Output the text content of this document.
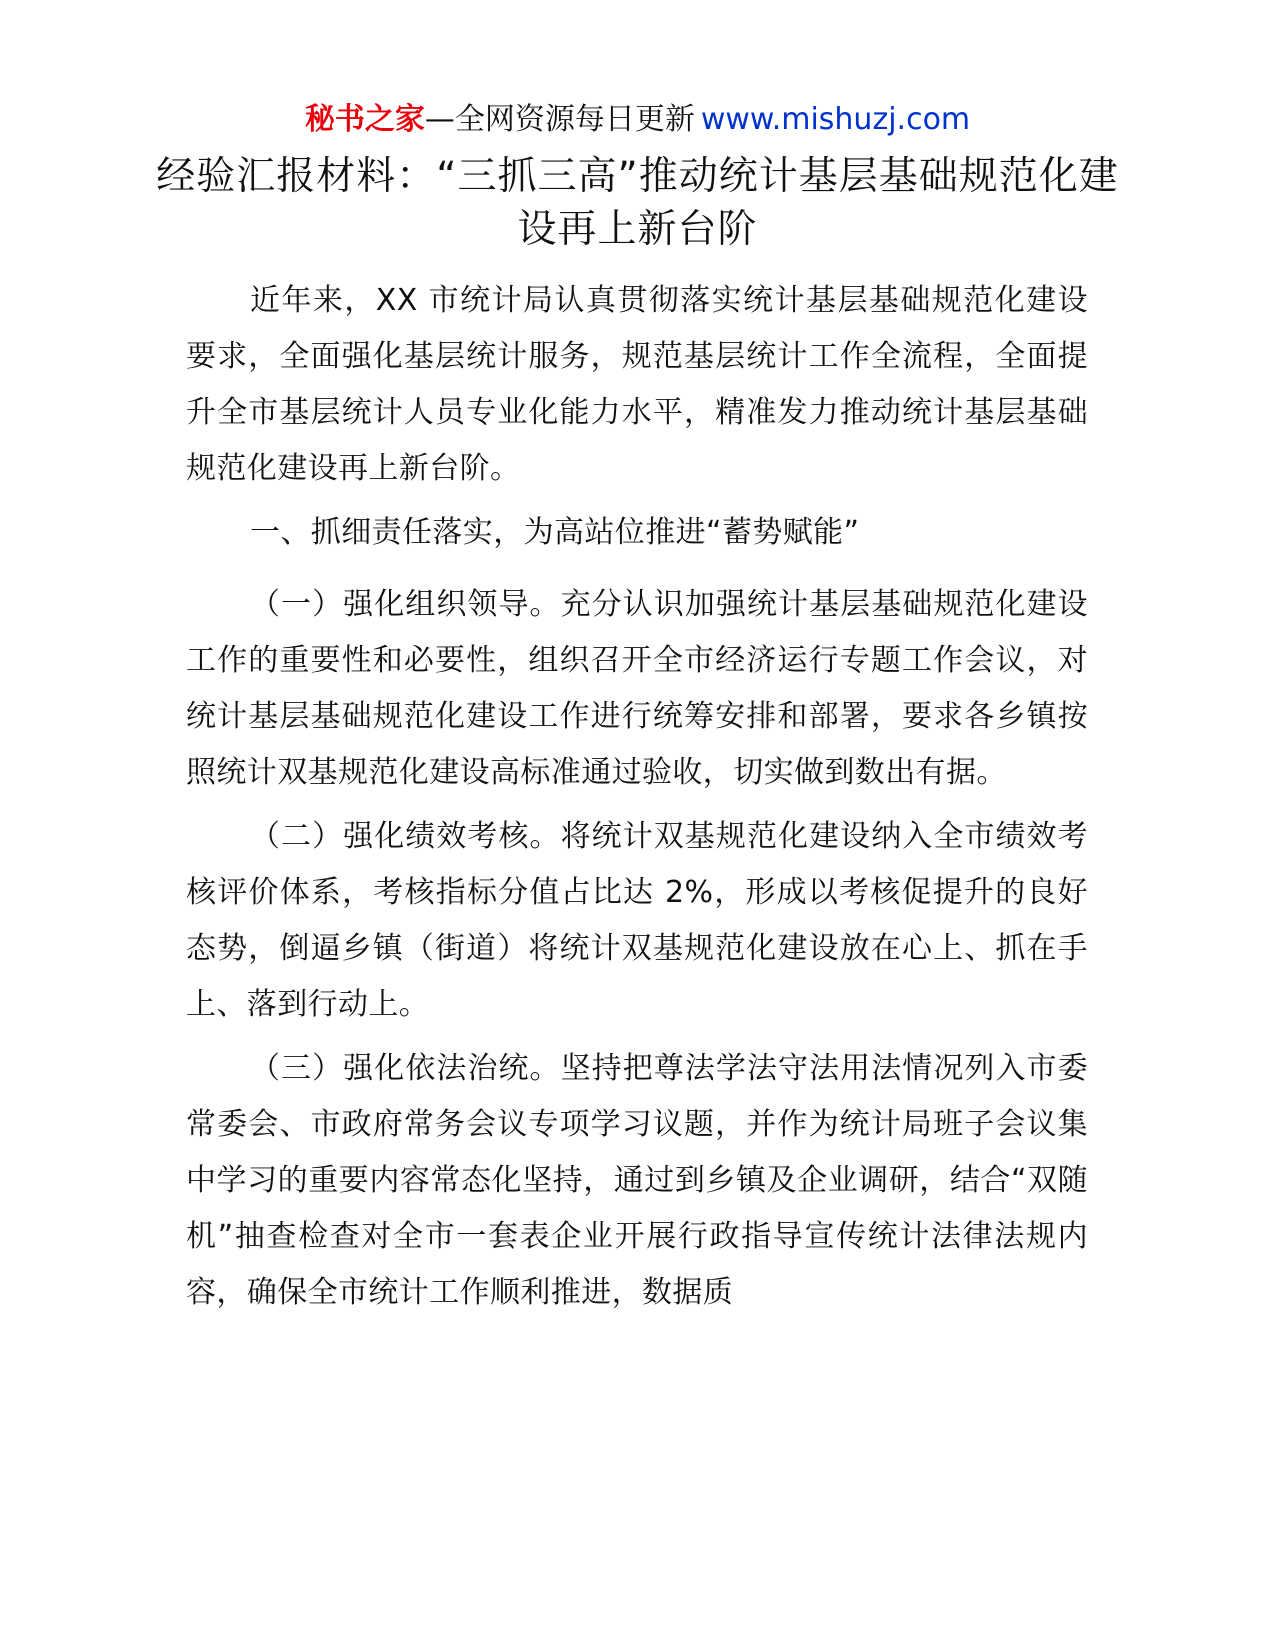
秘书之家—全网资源每日更新 www.mishuzj.com
经验汇报材料：“三抓三高”推动统计基层基础规范化建设再上新台阶

近年来，XX 市统计局认真贯彻落实统计基层基础规范化建设要求，全面强化基层统计服务，规范基层统计工作全流程，全面提升全市基层统计人员专业化能力水平，精准发力推动统计基层基础规范化建设再上新台阶。

一、抓细责任落实，为高站位推进“蓄势赋能”

（一）强化组织领导。充分认识加强统计基层基础规范化建设工作的重要性和必要性，组织召开全市经济运行专题工作会议，对统计基层基础规范化建设工作进行统筹安排和部署，要求各乡镇按照统计双基规范化建设高标准通过验收，切实做到数出有据。

（二）强化绩效考核。将统计双基规范化建设纳入全市绩效考核评价体系，考核指标分值占比达 2%，形成以考核促提升的良好态势，倒逼乡镇（街道）将统计双基规范化建设放在心上、抓在手上、落到行动上。

（三）强化依法治统。坚持把尊法学法守法用法情况列入市委常委会、市政府常务会议专项学习议题，并作为统计局班子会议集中学习的重要内容常态化坚持，通过到乡镇及企业调研，结合“双随机”抽查检查对全市一套表企业开展行政指导宣传统计法律法规内容，确保全市统计工作顺利推进，数据质
